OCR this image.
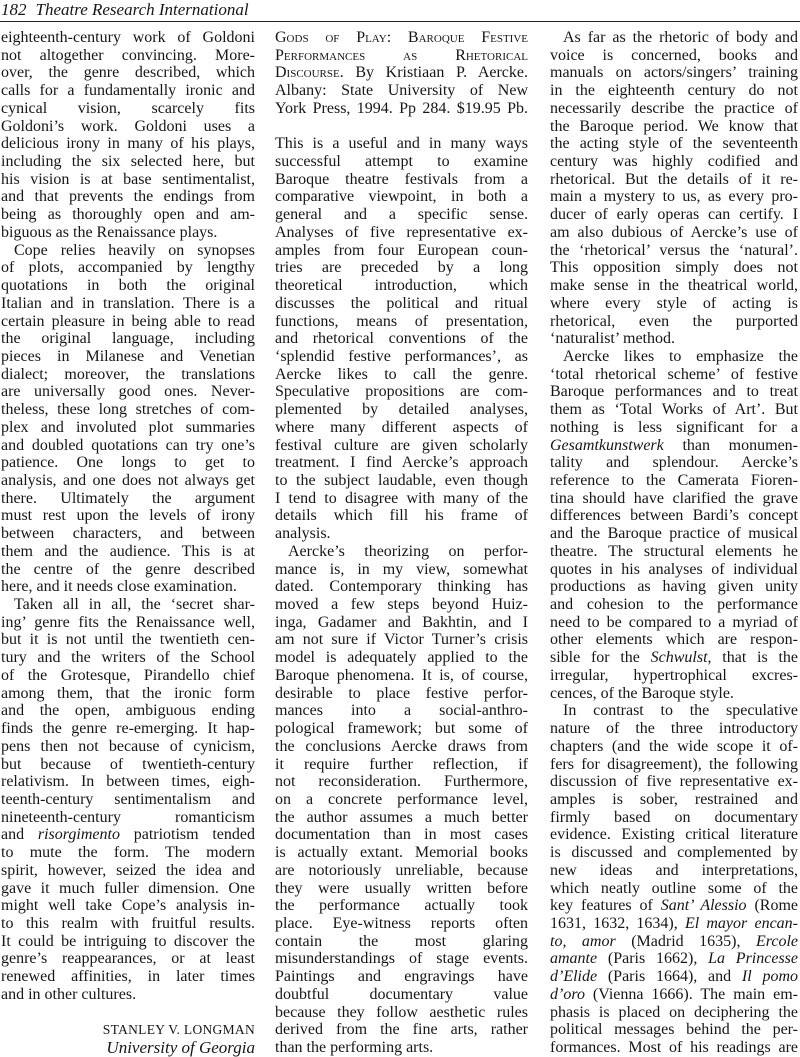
182 Theatre Research International
STANLEY V. LONGMAN
University of Georgia
eighteenth-century work of Goldoni
not altogether convincing. More-
over, the genre described, which
calls for a fundamentally ironic and
cynical vision, scarcely fits
Goldoni’s work. Goldoni uses a
delicious irony in many of his plays,
including the six selected here, but
his vision is at base sentimentalist,
and that prevents the endings from
being as thoroughly open and am-
biguous as the Renaissance plays.
Cope relies heavily on synopses
of plots, accompanied by lengthy
quotations in both the original
Italian and in translation. There is a
certain pleasure in being able to read
the original language, including
pieces in Milanese and Venetian
dialect; moreover, the translations
are universally good ones. Never-
theless, these long stretches of com-
plex and involuted plot summaries
and doubled quotations can try one’s
patience. One longs to get to
analysis, and one does not always get
there. Ultimately the argument
must rest upon the levels of irony
between characters, and between
them and the audience. This is at
the centre of the genre described
here, and it needs close examination.
Taken all in all, the ‘secret shar-
ing’ genre fits the Renaissance well,
but it is not until the twentieth cen-
tury and the writers of the School
of the Grotesque, Pirandello chief
among them, that the ironic form
and the open, ambiguous ending
finds the genre re-emerging. It hap-
pens then not because of cynicism,
but because of twentieth-century
relativism. In between times, eigh-
teenth-century sentimentalism and
nineteenth-century romanticism
and risorgimento patriotism tended
to mute the form. The modern
spirit, however, seized the idea and
gave it much fuller dimension. One
might well take Cope’s analysis in-
to this realm with fruitful results.
It could be intriguing to discover the
genre’s reappearances, or at least
renewed affinities, in later times
and in other cultures.
Gods of Play: Baroque Festive
Performances as Rhetorical
Discourse. By Kristiaan P. Aercke.
Albany: State University of New
York Press, 1994. Pp 284. $19.95 Pb.
This is a useful and in many ways
successful attempt to examine
Baroque theatre festivals from a
comparative viewpoint, in both a
general and a specific sense.
Analyses of five representative ex-
amples from four European coun-
tries are preceded by a long
theoretical introduction, which
discusses the political and ritual
functions, means of presentation,
and rhetorical conventions of the
‘splendid festive performances’, as
Aercke likes to call the genre.
Speculative propositions are com-
plemented by detailed analyses,
where many different aspects of
festival culture are given scholarly
treatment. I find Aercke’s approach
to the subject laudable, even though
I tend to disagree with many of the
details which fill his frame of
analysis.
Aercke’s theorizing on perfor-
mance is, in my view, somewhat
dated. Contemporary thinking has
moved a few steps beyond Huiz-
inga, Gadamer and Bakhtin, and I
am not sure if Victor Turner’s crisis
model is adequately applied to the
Baroque phenomena. It is, of course,
desirable to place festive perfor-
mances into a social-anthro-
pological framework; but some of
the conclusions Aercke draws from
it require further reflection, if
not reconsideration. Furthermore,
on a concrete performance level,
the author assumes a much better
documentation than in most cases
is actually extant. Memorial books
are notoriously unreliable, because
they were usually written before
the performance actually took
place. Eye-witness reports often
contain the most glaring
misunderstandings of stage events.
Paintings and engravings have
doubtful documentary value
because they follow aesthetic rules
derived from the fine arts, rather
than the performing arts.
As far as the rhetoric of body and
voice is concerned, books and
manuals on actors/singers’ training
in the eighteenth century do not
necessarily describe the practice of
the Baroque period. We know that
the acting style of the seventeenth
century was highly codified and
rhetorical. But the details of it re-
main a mystery to us, as every pro-
ducer of early operas can certify. I
am also dubious of Aercke’s use of
the ‘rhetorical’ versus the ‘natural’.
This opposition simply does not
make sense in the theatrical world,
where every style of acting is
rhetorical, even the purported
‘naturalist’ method.
Aercke likes to emphasize the
‘total rhetorical scheme’ of festive
Baroque performances and to treat
them as ‘Total Works of Art’. But
nothing is less significant for a
Gesamtkunstwerk than monumen-
tality and splendour. Aercke’s
reference to the Camerata Fioren-
tina should have clarified the grave
differences between Bardi’s concept
and the Baroque practice of musical
theatre. The structural elements he
quotes in his analyses of individual
productions as having given unity
and cohesion to the performance
need to be compared to a myriad of
other elements which are respon-
sible for the Schwulst, that is the
irregular, hypertrophical excres-
cences, of the Baroque style.
In contrast to the speculative
nature of the three introductory
chapters (and the wide scope it of-
fers for disagreement), the following
discussion of five representative ex-
amples is sober, restrained and
firmly based on documentary
evidence. Existing critical literature
is discussed and complemented by
new ideas and interpretations,
which neatly outline some of the
key features of Sant’ Alessio (Rome
1631, 1632, 1634), El mayor encan-
to, amor (Madrid 1635), Ercole
amante (Paris 1662), La Princesse
d’Elide (Paris 1664), and Il pomo
d’oro (Vienna 1666). The main em-
phasis is placed on deciphering the
political messages behind the per-
formances. Most of his readings are
